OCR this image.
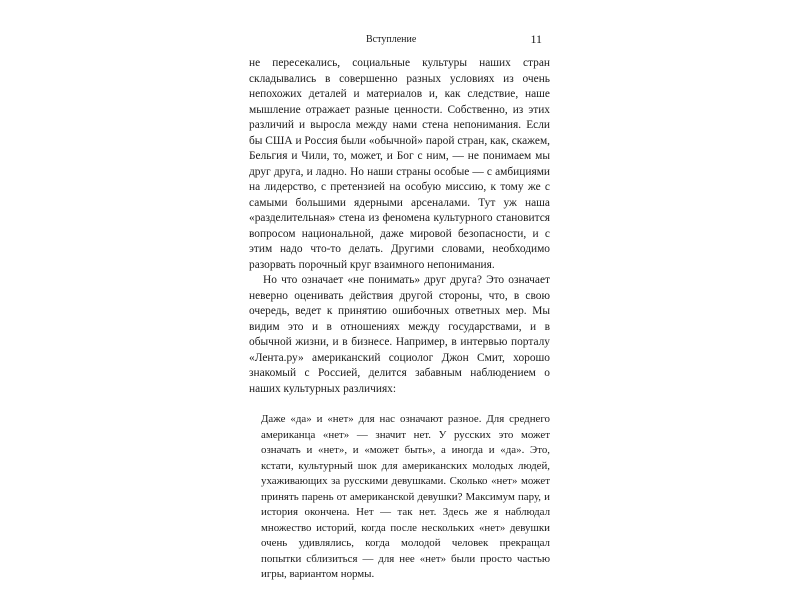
Вступление	11

не пересекались, социальные культуры наших стран складывались в совершенно разных условиях из очень непохожих деталей и материалов и, как следствие, наше мышление отражает разные ценности. Собственно, из этих различий и выросла между нами стена непонимания. Если бы США и Россия были «обычной» парой стран, как, скажем, Бельгия и Чили, то, может, и Бог с ним, — не понимаем мы друг друга, и ладно. Но наши страны особые — с амбициями на лидерство, с претензией на особую миссию, к тому же с самыми большими ядерными арсеналами. Тут уж наша «разделительная» стена из феномена культурного становится вопросом национальной, даже мировой безопасности, и с этим надо что-то делать. Другими словами, необходимо разорвать порочный круг взаимного непонимания.

Но что означает «не понимать» друг друга? Это означает неверно оценивать действия другой стороны, что, в свою очередь, ведет к принятию ошибочных ответных мер. Мы видим это и в отношениях между государствами, и в обычной жизни, и в бизнесе. Например, в интервью порталу «Лента.ру» американский социолог Джон Смит, хорошо знакомый с Россией, делится забавным наблюдением о наших культурных различиях:

Даже «да» и «нет» для нас означают разное. Для среднего американца «нет» — значит нет. У русских это может означать и «нет», и «может быть», а иногда и «да». Это, кстати, культурный шок для американских молодых людей, ухаживающих за русскими девушками. Сколько «нет» может принять парень от американской девушки? Максимум пару, и история окончена. Нет — так нет. Здесь же я наблюдал множество историй, когда после нескольких «нет» девушки очень удивлялись, когда молодой человек прекращал попытки сблизиться — для нее «нет» были просто частью игры, вариантом нормы.
